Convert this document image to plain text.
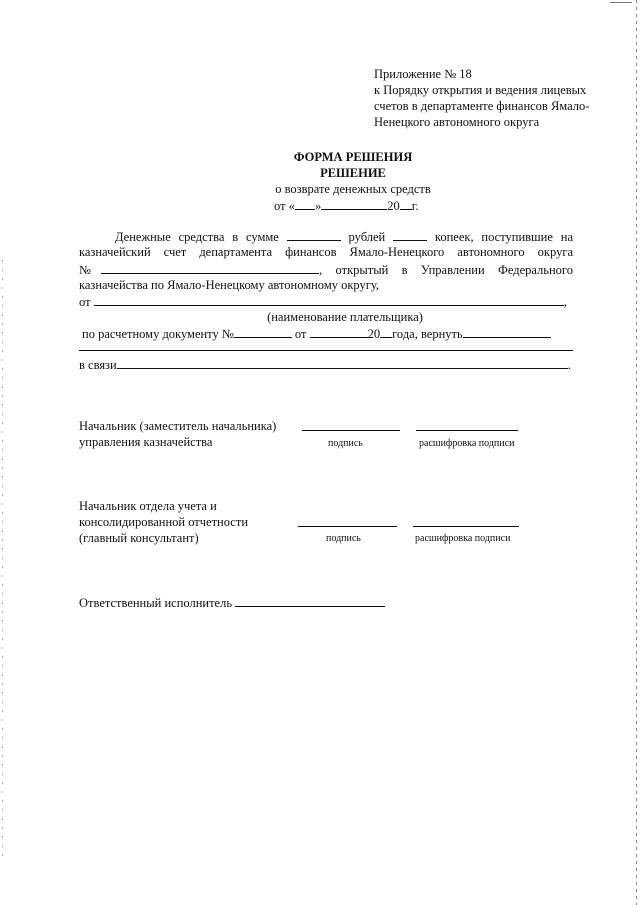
Приложение № 18
к Порядку открытия и ведения лицевых
счетов в департаменте финансов Ямало-
Ненецкого автономного округа
ФОРМА РЕШЕНИЯ
РЕШЕНИЕ
о возврате денежных средств
от « »	20 г.
Денежные средства в сумме	рублей	копеек, поступившие на
казначейский счет департамента финансов Ямало-Ненецкого автономного округа
№	, открытый в Управлении Федерального
казначейства по Ямало-Ненецкому автономному округу,
от	,
(наименование плательщика)
по расчетному документу №	от	20 года, вернуть
в связи	.
Начальник (заместитель начальника)
управления казначейства	подпись	расшифровка подписи
Начальник отдела учета и
консолидированной отчетности
(главный консультант)	подпись	расшифровка подписи
Ответственный исполнитель
